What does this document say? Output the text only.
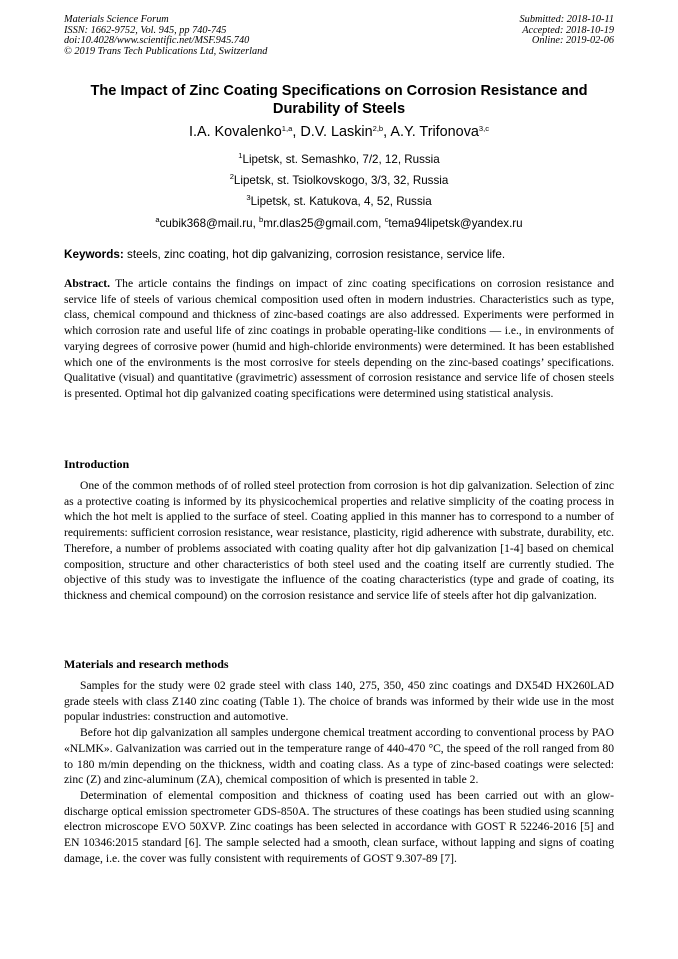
Materials Science Forum
ISSN: 1662-9752, Vol. 945, pp 740-745
doi:10.4028/www.scientific.net/MSF.945.740
© 2019 Trans Tech Publications Ltd, Switzerland
Submitted: 2018-10-11
Accepted: 2018-10-19
Online: 2019-02-06
The Impact of Zinc Coating Specifications on Corrosion Resistance and Durability of Steels
I.A. Kovalenko$^{1,a}$, D.V. Laskin$^{2,b}$, A.Y. Trifonova$^{3,c}$
$^1$Lipetsk, st. Semashko, 7/2, 12, Russia
$^2$Lipetsk, st. Tsiolkovskogo, 3/3, 32, Russia
$^3$Lipetsk, st. Katukova, 4, 52, Russia
$^a$cubik368@mail.ru, $^b$mr.dlas25@gmail.com, $^c$tema94lipetsk@yandex.ru
Keywords: steels, zinc coating, hot dip galvanizing, corrosion resistance, service life.

Abstract. The article contains the findings on impact of zinc coating specifications on corrosion resistance and service life of steels of various chemical composition used often in modern industries. Characteristics such as type, class, chemical compound and thickness of zinc-based coatings are also addressed. Experiments were performed in which corrosion rate and useful life of zinc coatings in probable operating-like conditions — i.e., in environments of varying degrees of corrosive power (humid and high-chloride environments) were determined. It has been established which one of the environments is the most corrosive for steels depending on the zinc-based coatings’ specifications. Qualitative (visual) and quantitative (gravimetric) assessment of corrosion resistance and service life of chosen steels is presented. Optimal hot dip galvanized coating specifications were determined using statistical analysis.

Introduction

One of the common methods of of rolled steel protection from corrosion is hot dip galvanization. Selection of zinc as a protective coating is informed by its physicochemical properties and relative simplicity of the coating process in which the hot melt is applied to the surface of steel. Coating applied in this manner has to correspond to a number of requirements: sufficient corrosion resistance, wear resistance, plasticity, rigid adherence with substrate, durability, etc. Therefore, a number of problems associated with coating quality after hot dip galvanization [1-4] based on chemical composition, structure and other characteristics of both steel used and the coating itself are currently studied. The objective of this study was to investigate the influence of the coating characteristics (type and grade of coating, its thickness and chemical compound) on the corrosion resistance and service life of steels after hot dip galvanization.

Materials and research methods

Samples for the study were 02 grade steel with class 140, 275, 350, 450 zinc coatings and DX54D HX260LAD grade steels with class Z140 zinc coating (Table 1). The choice of brands was informed by their wide use in the most popular industries: construction and automotive.

Before hot dip galvanization all samples undergone chemical treatment according to conventional process by PAO «NLMK». Galvanization was carried out in the temperature range of 440-470 °C, the speed of the roll ranged from 80 to 180 m/min depending on the thickness, width and coating class. As a type of zinc-based coatings were selected: zinc (Z) and zinc-aluminum (ZA), chemical composition of which is presented in table 2.

Determination of elemental composition and thickness of coating used has been carried out with an glow-discharge optical emission spectrometer GDS-850A. The structures of these coatings has been studied using scanning electron microscope EVO 50XVP. Zinc coatings has been selected in accordance with GOST R 52246-2016 [5] and EN 10346:2015 standard [6]. The sample selected had a smooth, clean surface, without lapping and signs of coating damage, i.e. the cover was fully consistent with requirements of GOST 9.307-89 [7].
